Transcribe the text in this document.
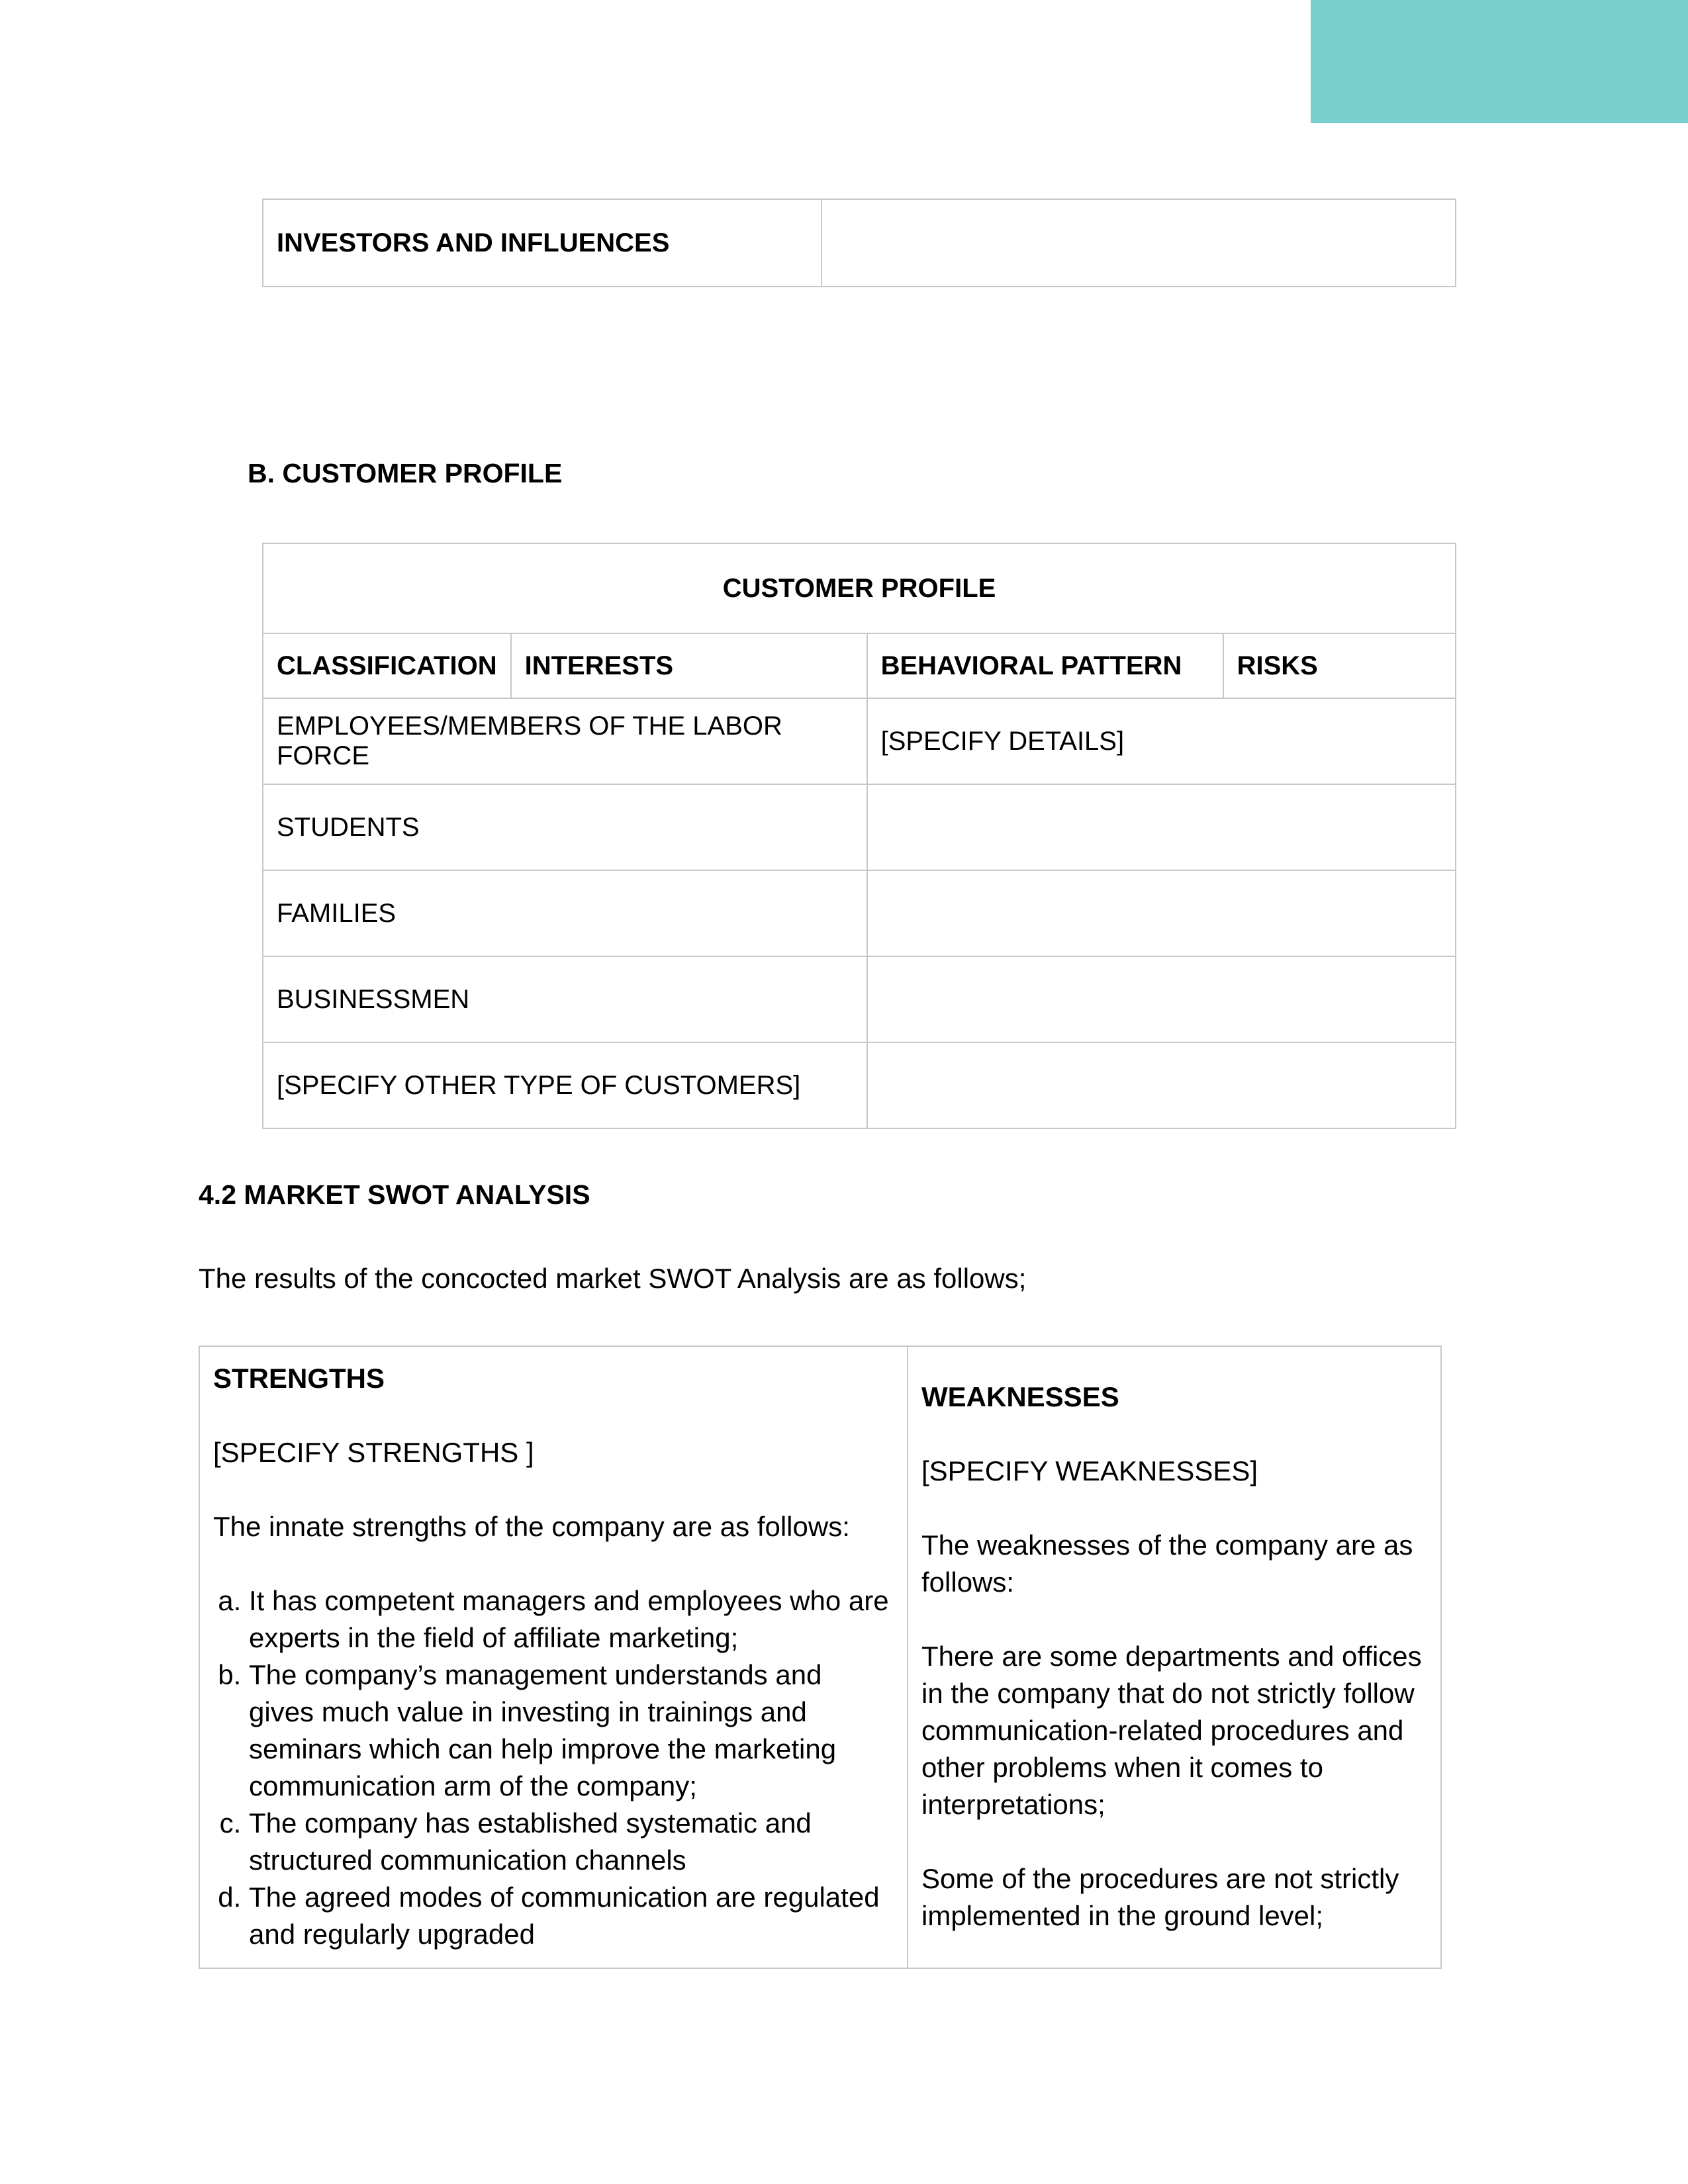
INVESTORS AND INFLUENCES	
B. CUSTOMER PROFILE
CUSTOMER PROFILE			
CLASSIFICATION	INTERESTS	BEHAVIORAL PATTERN	RISKS
EMPLOYEES/MEMBERS OF THE LABOR FORCE		[SPECIFY DETAILS]	
STUDENTS			
FAMILIES			
BUSINESSMEN			
[SPECIFY OTHER TYPE OF CUSTOMERS]			
4.2 MARKET SWOT ANALYSIS
The results of the concocted market SWOT Analysis are as follows;

STRENGTHS

[SPECIFY STRENGTHS ]

The innate strengths of the company are as follows:

a. It has competent managers and employees who are experts in the field of affiliate marketing;
b. The company’s management understands and gives much value in investing in trainings and seminars which can help improve the marketing communication arm of the company;
c. The company has established systematic and structured communication channels
d. The agreed modes of communication are regulated and regularly upgraded

WEAKNESSES

[SPECIFY WEAKNESSES]

The weaknesses of the company are as follows:

There are some departments and offices in the company that do not strictly follow communication-related procedures and other problems when it comes to interpretations;

Some of the procedures are not strictly implemented in the ground level;
